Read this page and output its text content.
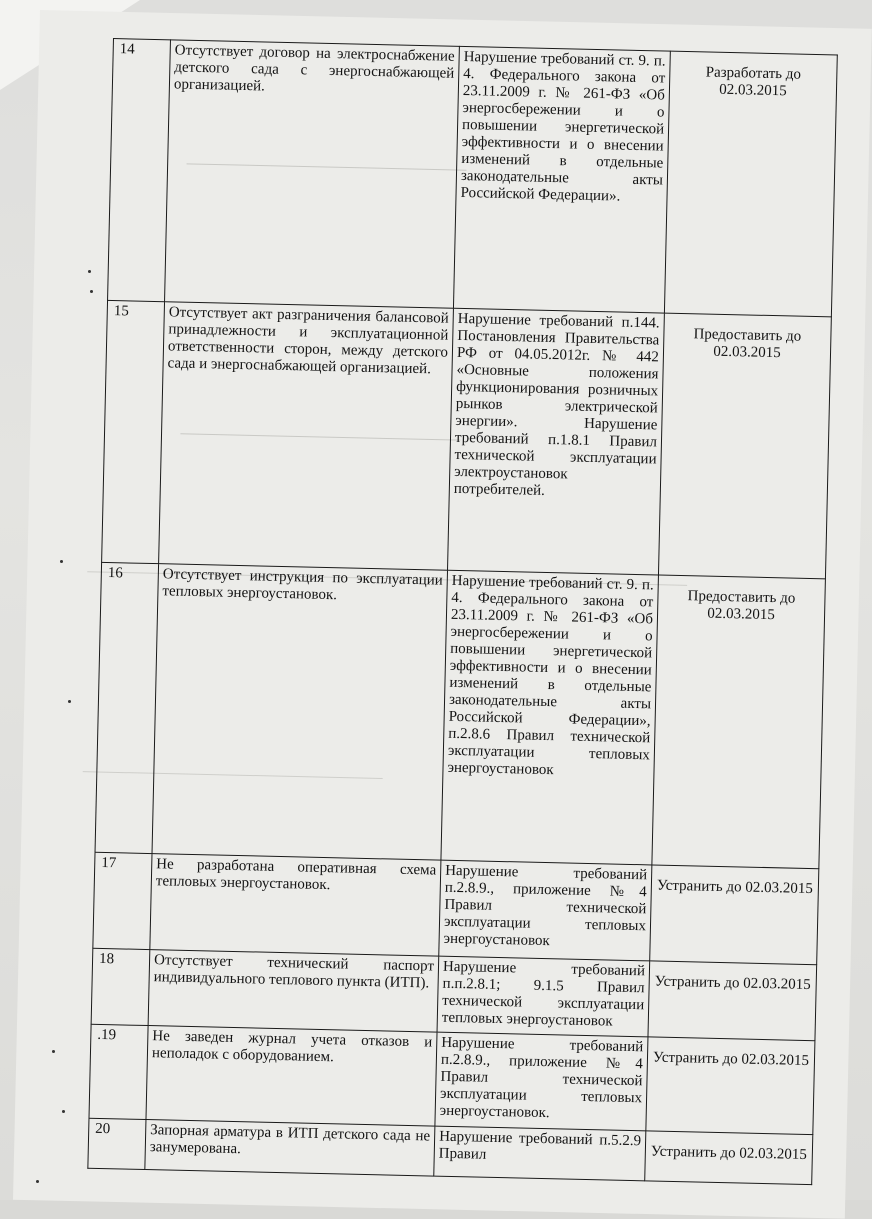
14	Отсутствует договор на электроснабжение детского сада с энергоснабжающей организацией.	Нарушение требований ст. 9. п. 4. Федерального закона от 23.11.2009 г. № 261-ФЗ «Об энергосбережении и о повышении энергетической эффективности и о внесении изменений в отдельные законодательные акты Российской Федерации».	Разработать до 02.03.2015
15	Отсутствует акт разграничения балансовой принадлежности и эксплуатационной ответственности сторон, между детского сада и энергоснабжающей организацией.	Нарушение требований п.144. Постановления Правительства РФ от 04.05.2012г. № 442 «Основные положения функционирования розничных рынков электрической энергии». Нарушение требований п.1.8.1 Правил технической эксплуатации электроустановок потребителей.	Предоставить до 02.03.2015
16	Отсутствует инструкция по эксплуатации тепловых энергоустановок.	Нарушение требований ст. 9. п. 4. Федерального закона от 23.11.2009 г. № 261-ФЗ «Об энергосбережении и о повышении энергетической эффективности и о внесении изменений в отдельные законодательные акты Российской Федерации», п.2.8.6 Правил технической эксплуатации тепловых энергоустановок	Предоставить до 02.03.2015
17	Не разработана оперативная схема тепловых энергоустановок.	Нарушение требований п.2.8.9., приложение №4 Правил технической эксплуатации тепловых энергоустановок	Устранить до 02.03.2015
18	Отсутствует технический паспорт индивидуального теплового пункта (ИТП).	Нарушение требований п.п.2.8.1; 9.1.5 Правил технической эксплуатации тепловых энергоустановок	Устранить до 02.03.2015
.19	Не заведен журнал учета отказов и неполадок с оборудованием.	Нарушение требований п.2.8.9., приложение №4 Правил технической эксплуатации тепловых энергоустановок.	Устранить до 02.03.2015
20	Запорная арматура в ИТП детского сада не занумерована.	Нарушение требований п.5.2.9 Правил	Устранить до 02.03.2015
